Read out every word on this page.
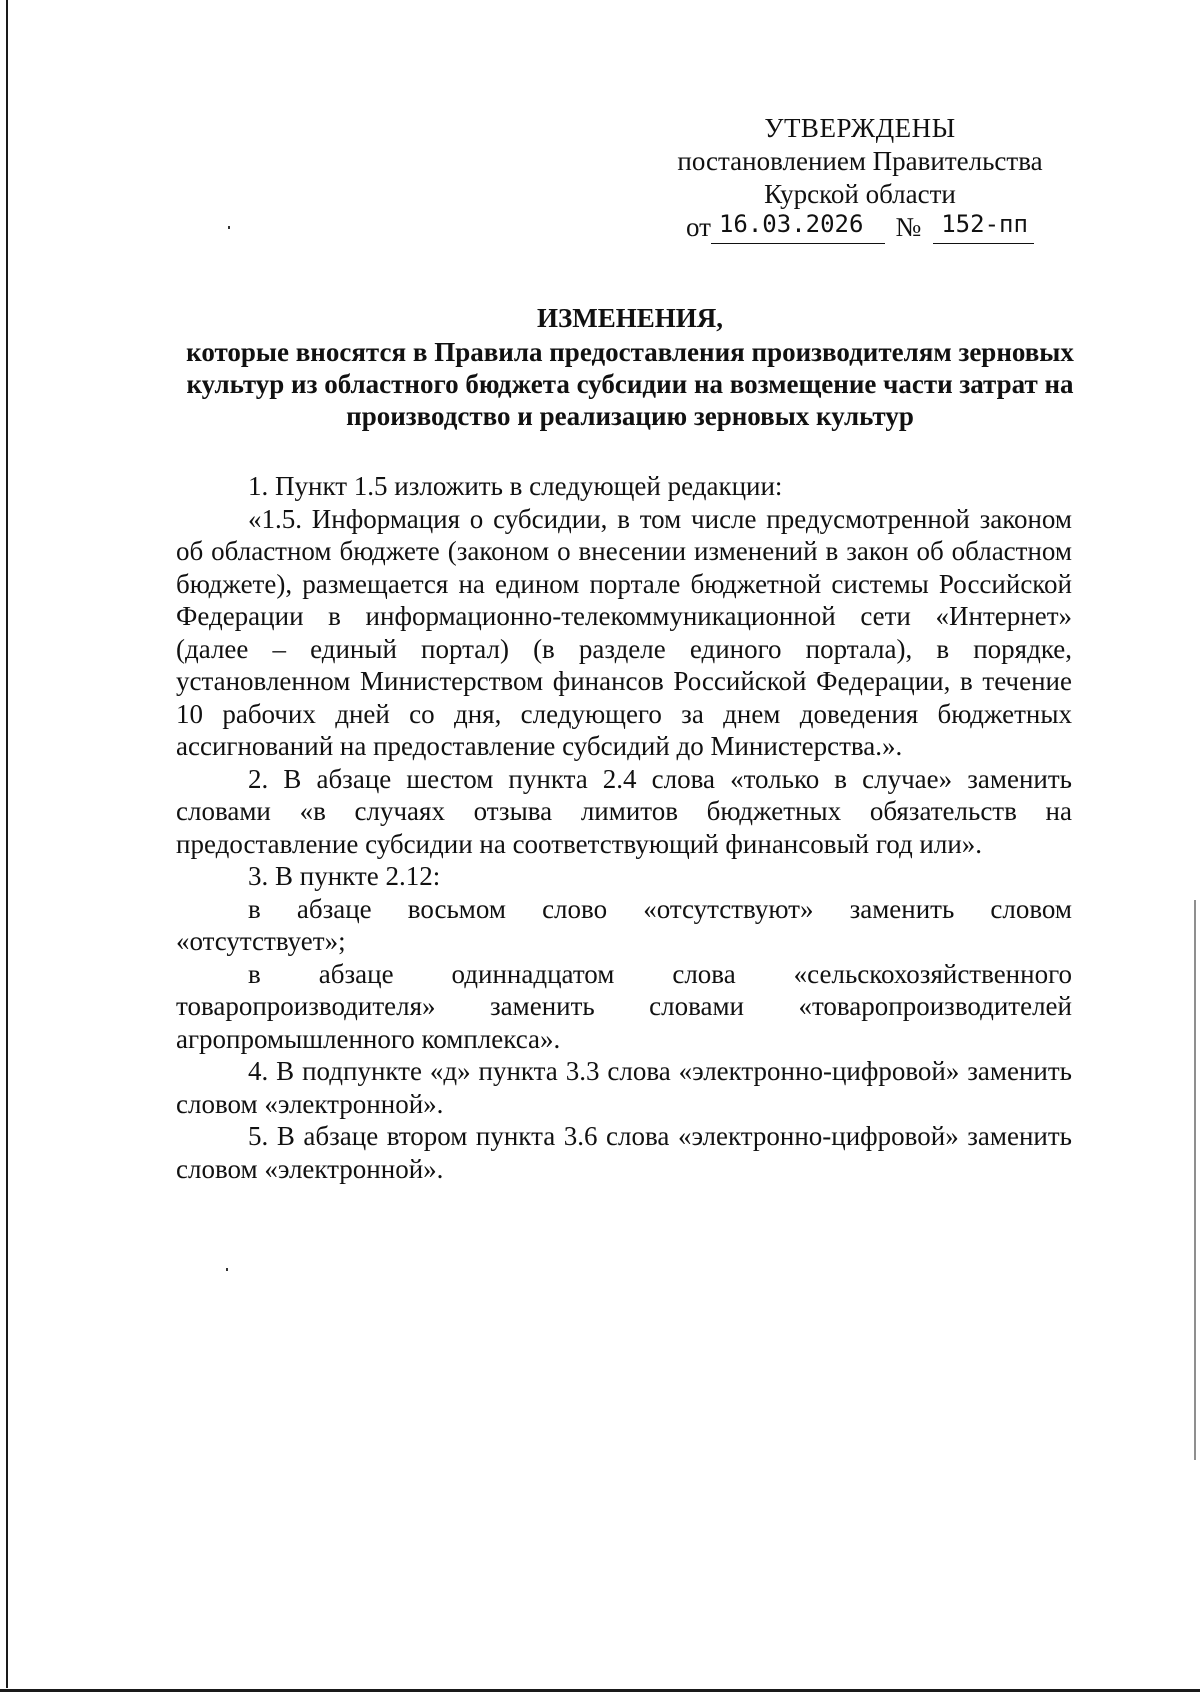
УТВЕРЖДЕНЫ
постановлением Правительства
Курской области
от 16.03.2026	№ 152-пп
ИЗМЕНЕНИЯ,
которые вносятся в Правила предоставления производителям зерновых культур из областного бюджета субсидии на возмещение части затрат на производство и реализацию зерновых культур

1. Пункт 1.5 изложить в следующей редакции:

«1.5. Информация о субсидии, в том числе предусмотренной законом об областном бюджете (законом о внесении изменений в закон об областном бюджете), размещается на едином портале бюджетной системы Российской Федерации в информационно-телекоммуникационной сети «Интернет» (далее – единый портал) (в разделе единого портала), в порядке, установленном Министерством финансов Российской Федерации, в течение 10 рабочих дней со дня, следующего за днем доведения бюджетных ассигнований на предоставление субсидий до Министерства.».

2. В абзаце шестом пункта 2.4 слова «только в случае» заменить словами «в случаях отзыва лимитов бюджетных обязательств на предоставление субсидии на соответствующий финансовый год или».

3. В пункте 2.12:

в абзаце восьмом слово «отсутствуют» заменить словом «отсутствует»;

в абзаце одиннадцатом слова «сельскохозяйственного товаропроизводителя» заменить словами «товаропроизводителей агропромышленного комплекса».

4. В подпункте «д» пункта 3.3 слова «электронно-цифровой» заменить словом «электронной».

5. В абзаце втором пункта 3.6 слова «электронно-цифровой» заменить словом «электронной».
